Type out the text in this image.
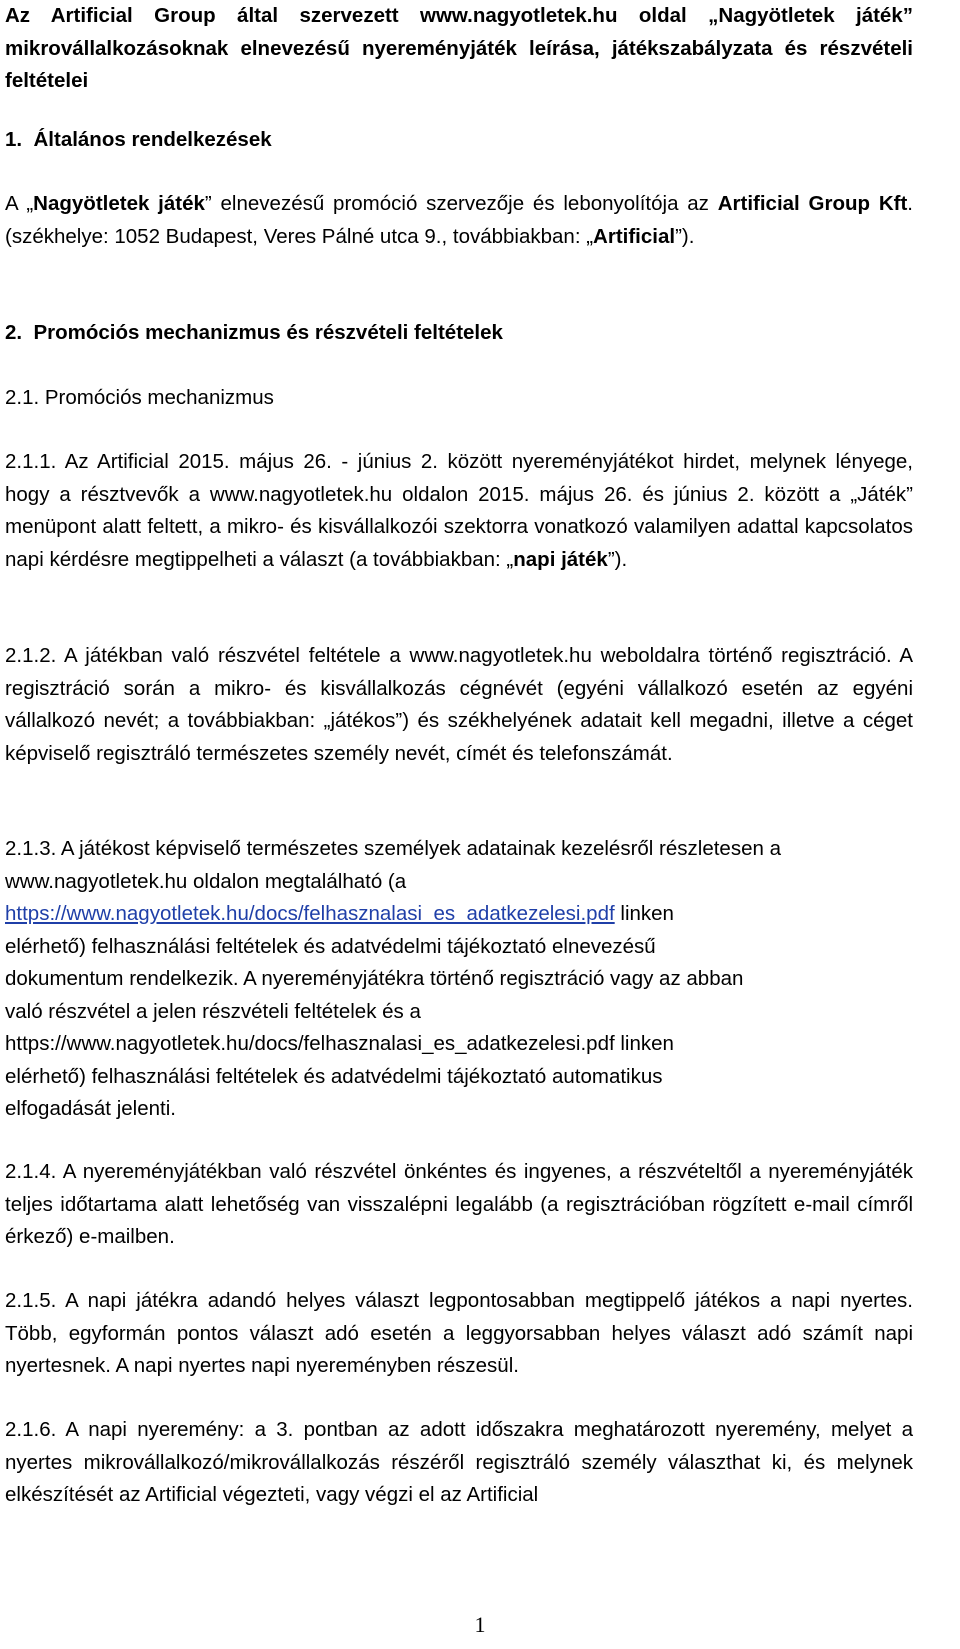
Az Artificial Group által szervezett www.nagyotletek.hu oldal „Nagyötletek játék” mikrovállalkozásoknak elnevezésű nyereményjáték leírása, játékszabályzata és részvételi feltételei
1.  Általános rendelkezések
A „Nagyötletek játék” elnevezésű promóció szervezője és lebonyolítója az Artificial Group Kft. (székhelye: 1052 Budapest, Veres Pálné utca 9., továbbiakban: „Artificial”).
2.  Promóciós mechanizmus és részvételi feltételek
2.1. Promóciós mechanizmus
2.1.1. Az Artificial 2015. május 26. - június 2. között nyereményjátékot hirdet, melynek lényege, hogy a résztvevők a www.nagyotletek.hu oldalon 2015. május 26. és június 2. között a „Játék” menüpont alatt feltett, a mikro- és kisvállalkozói szektorra vonatkozó valamilyen adattal kapcsolatos napi kérdésre megtippelheti a választ (a továbbiakban: „napi játék”).
2.1.2. A játékban való részvétel feltétele a www.nagyotletek.hu weboldalra történő regisztráció. A regisztráció során a mikro- és kisvállalkozás cégnévét (egyéni vállalkozó esetén az egyéni vállalkozó nevét; a továbbiakban: „játékos”) és székhelyének adatait kell megadni, illetve a céget képviselő regisztráló természetes személy nevét, címét és telefonszámát.
2.1.3. A játékost képviselő természetes személyek adatainak kezelésről részletesen a
www.nagyotletek.hu oldalon megtalálható (a
https://www.nagyotletek.hu/docs/felhasznalasi_es_adatkezelesi.pdf linken
elérhető) felhasználási feltételek és adatvédelmi tájékoztató elnevezésű
dokumentum rendelkezik. A nyereményjátékra történő regisztráció vagy az abban
való részvétel a jelen részvételi feltételek és a
https://www.nagyotletek.hu/docs/felhasznalasi_es_adatkezelesi.pdf linken
elérhető) felhasználási feltételek és adatvédelmi tájékoztató automatikus
elfogadását jelenti.
2.1.4. A nyereményjátékban való részvétel önkéntes és ingyenes, a részvételtől a nyereményjáték teljes időtartama alatt lehetőség van visszalépni legalább (a regisztrációban rögzített e-mail címről érkező) e-mailben.
2.1.5. A napi játékra adandó helyes választ legpontosabban megtippelő játékos a napi nyertes. Több, egyformán pontos választ adó esetén a leggyorsabban helyes választ adó számít napi nyertesnek. A napi nyertes napi nyereményben részesül.
2.1.6. A napi nyeremény: a 3. pontban az adott időszakra meghatározott nyeremény, melyet a nyertes mikrovállalkozó/mikrovállalkozás részéről regisztráló személy választhat ki, és melynek elkészítését az Artificial végezteti, vagy végzi el az Artificial
1
